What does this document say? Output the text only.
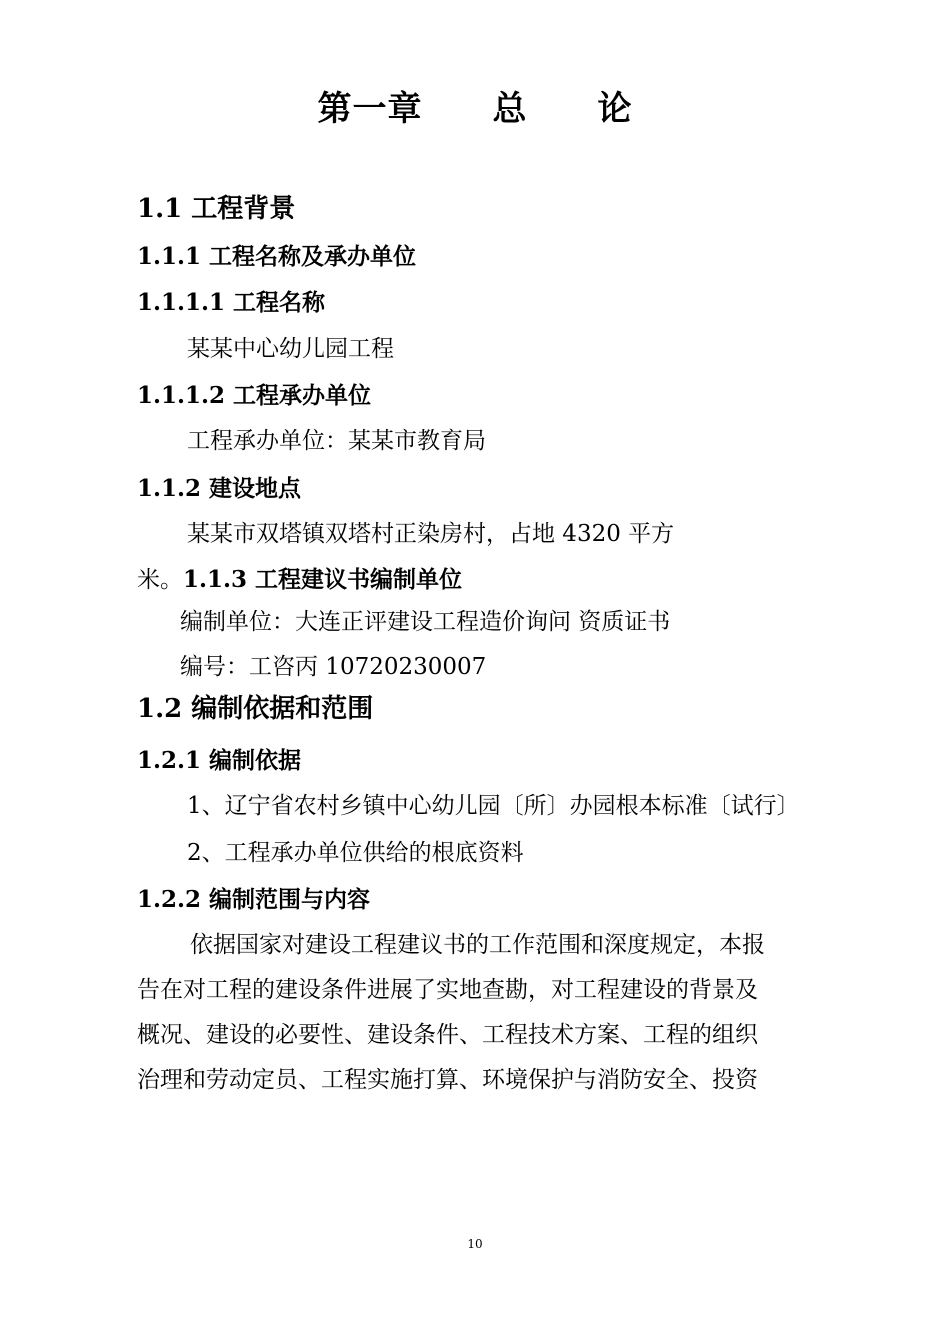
第一章　　总　　论
1.1 工程背景
1.1.1 工程名称及承办单位
1.1.1.1 工程名称
某某中心幼儿园工程
1.1.1.2 工程承办单位
工程承办单位：某某市教育局
1.1.2 建设地点
某某市双塔镇双塔村正染房村，占地 4320 平方
米。1.1.3 工程建议书编制单位
编制单位：大连正评建设工程造价询问 资质证书
编号：工咨丙 10720230007
1.2 编制依据和范围
1.2.1 编制依据
1、辽宁省农村乡镇中心幼儿园〔所〕办园根本标准〔试行〕
2、工程承办单位供给的根底资料
1.2.2 编制范围与内容
依据国家对建设工程建议书的工作范围和深度规定，本报
告在对工程的建设条件进展了实地查勘，对工程建设的背景及
概况、建设的必要性、建设条件、工程技术方案、工程的组织
治理和劳动定员、工程实施打算、环境保护与消防安全、投资
10
